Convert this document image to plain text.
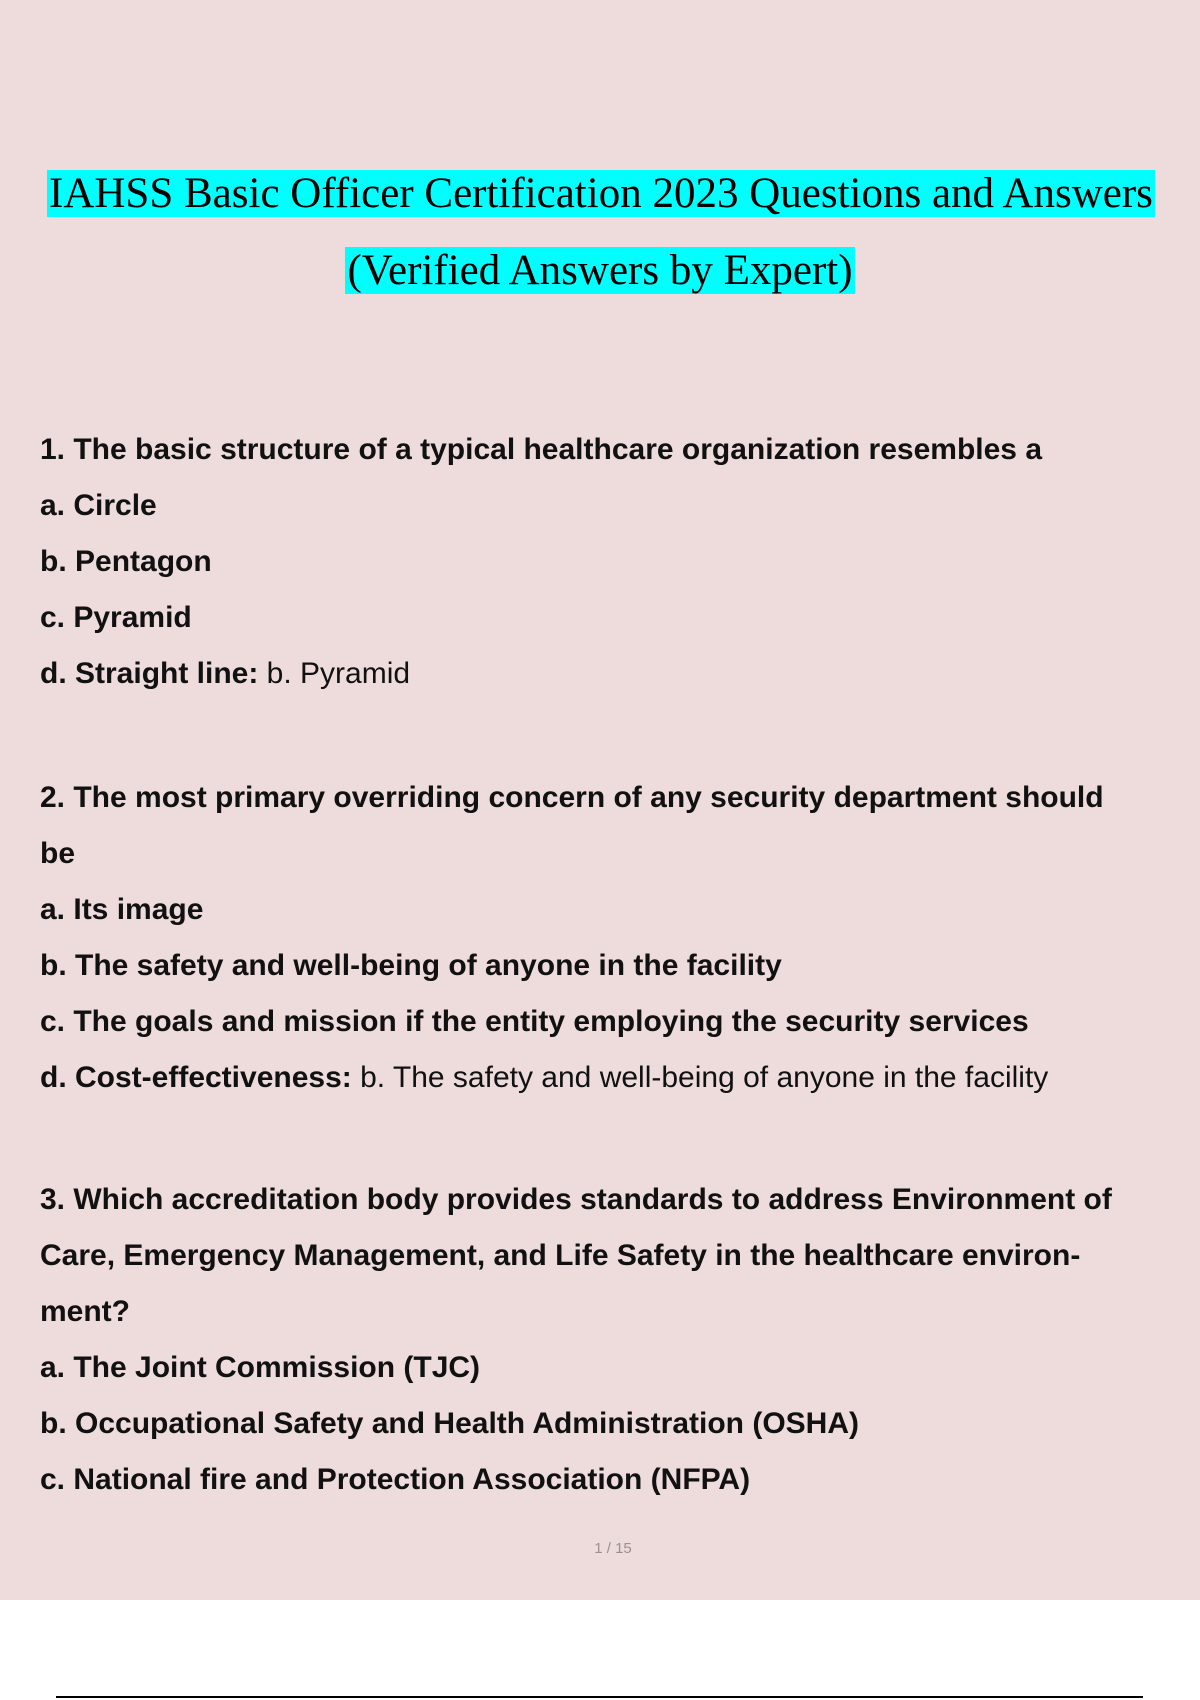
IAHSS Basic Officer Certification 2023 Questions and Answers
(Verified Answers by Expert)
1. The basic structure of a typical healthcare organization resembles a
a. Circle
b. Pentagon
c. Pyramid
d. Straight line: b. Pyramid
2. The most primary overriding concern of any security department should
be
a. Its image
b. The safety and well-being of anyone in the facility
c. The goals and mission if the entity employing the security services
d. Cost-effectiveness: b. The safety and well-being of anyone in the facility
3. Which accreditation body provides standards to address Environment of
Care, Emergency Management, and Life Safety in the healthcare environ-
ment?
a. The Joint Commission (TJC)
b. Occupational Safety and Health Administration (OSHA)
c. National fire and Protection Association (NFPA)
1 / 15
